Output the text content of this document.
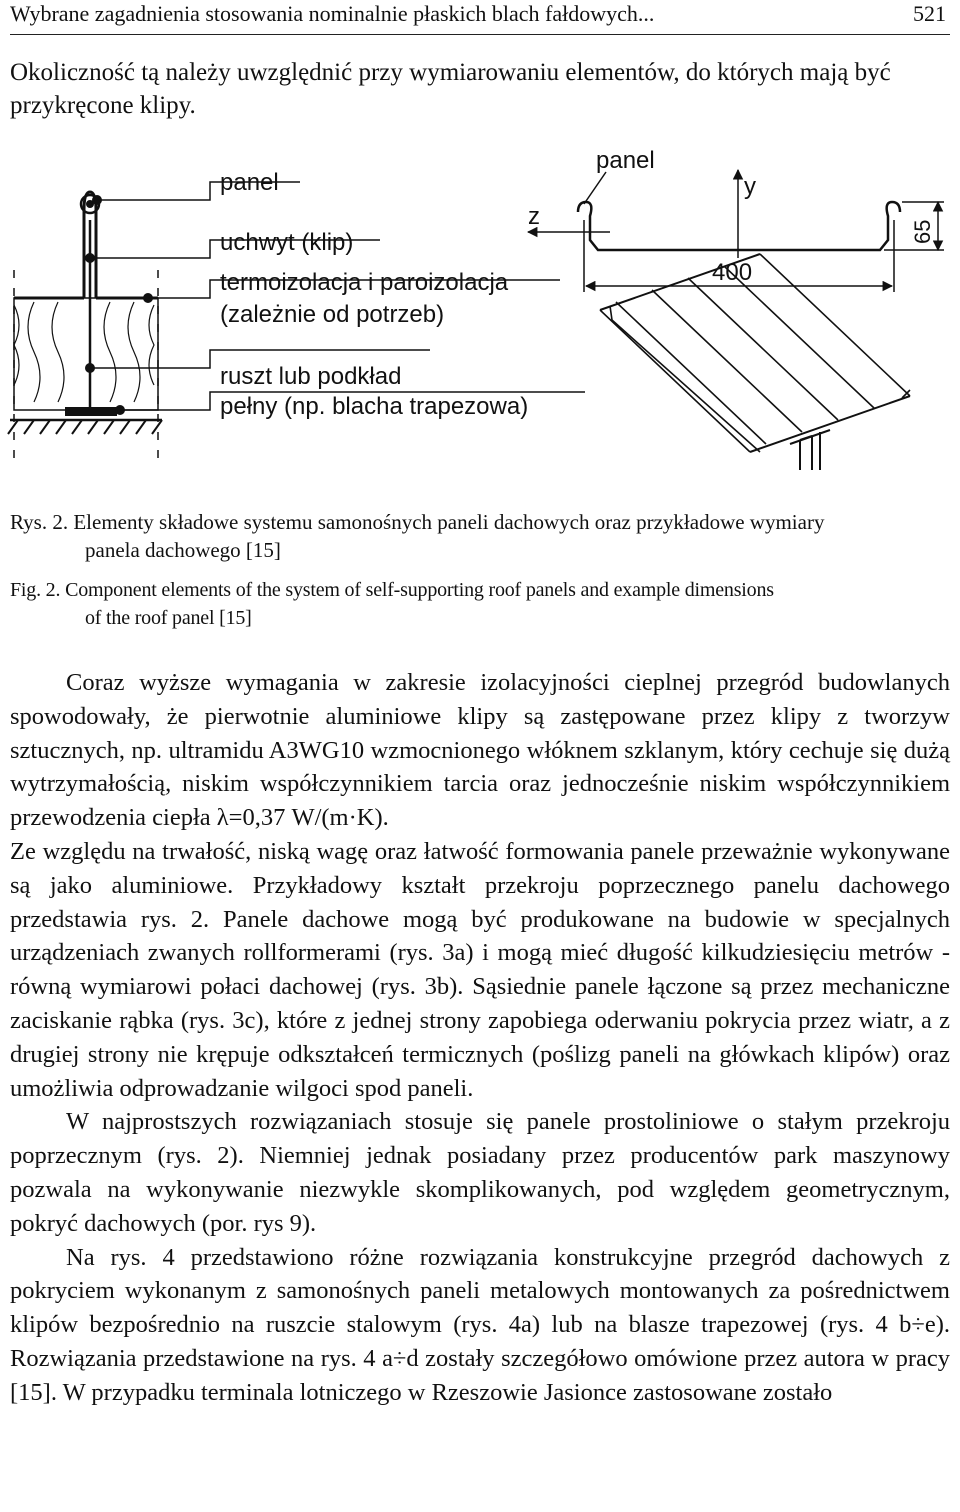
Wybrane zagadnienia stosowania nominalnie płaskich blach fałdowych...	521
Okoliczność tą należy uwzględnić przy wymiarowaniu elementów, do których mają być przykręcone klipy.
panel
uchwyt (klip)
termoizolacja i paroizolacja
(zależnie od potrzeb)
ruszt lub podkład
pełny (np. blacha trapezowa)
panel
z
y
400
65
Rys. 2. Elementy składowe systemu samonośnych paneli dachowych oraz przykładowe wymiary
panela dachowego [15]
Fig. 2. Component elements of the system of self-supporting roof panels and example dimensions
of the roof panel [15]

Coraz wyższe wymagania w zakresie izolacyjności cieplnej przegród budowlanych spowodowały, że pierwotnie aluminiowe klipy są zastępowane przez klipy z tworzyw sztucznych, np. ultramidu A3WG10 wzmocnionego włóknem szklanym, który cechuje się dużą wytrzymałością, niskim współczynnikiem tarcia oraz jednocześnie niskim współczynnikiem przewodzenia ciepła λ=0,37 W/(m·K).

Ze względu na trwałość, niską wagę oraz łatwość formowania panele przeważnie wykonywane są jako aluminiowe. Przykładowy kształt przekroju poprzecznego panelu dachowego przedstawia rys. 2. Panele dachowe mogą być produkowane na budowie w specjalnych urządzeniach zwanych rollformerami (rys. 3a) i mogą mieć długość kilkudziesięciu metrów - równą wymiarowi połaci dachowej (rys. 3b). Sąsiednie panele łączone są przez mechaniczne zaciskanie rąbka (rys. 3c), które z jednej strony zapobiega oderwaniu pokrycia przez wiatr, a z drugiej strony nie krępuje odkształceń termicznych (poślizg paneli na główkach klipów) oraz umożliwia odprowadzanie wilgoci spod paneli.

W najprostszych rozwiązaniach stosuje się panele prostoliniowe o stałym przekroju poprzecznym (rys. 2). Niemniej jednak posiadany przez producentów park maszynowy pozwala na wykonywanie niezwykle skomplikowanych, pod względem geometrycznym, pokryć dachowych (por. rys 9).

Na rys. 4 przedstawiono różne rozwiązania konstrukcyjne przegród dachowych z pokryciem wykonanym z samonośnych paneli metalowych montowanych za pośrednictwem klipów bezpośrednio na ruszcie stalowym (rys. 4a) lub na blasze trapezowej (rys. 4 b÷e). Rozwiązania przedstawione na rys. 4 a÷d zostały szczegółowo omówione przez autora w pracy [15]. W przypadku terminala lotniczego w Rzeszowie Jasionce zastosowane zostało
